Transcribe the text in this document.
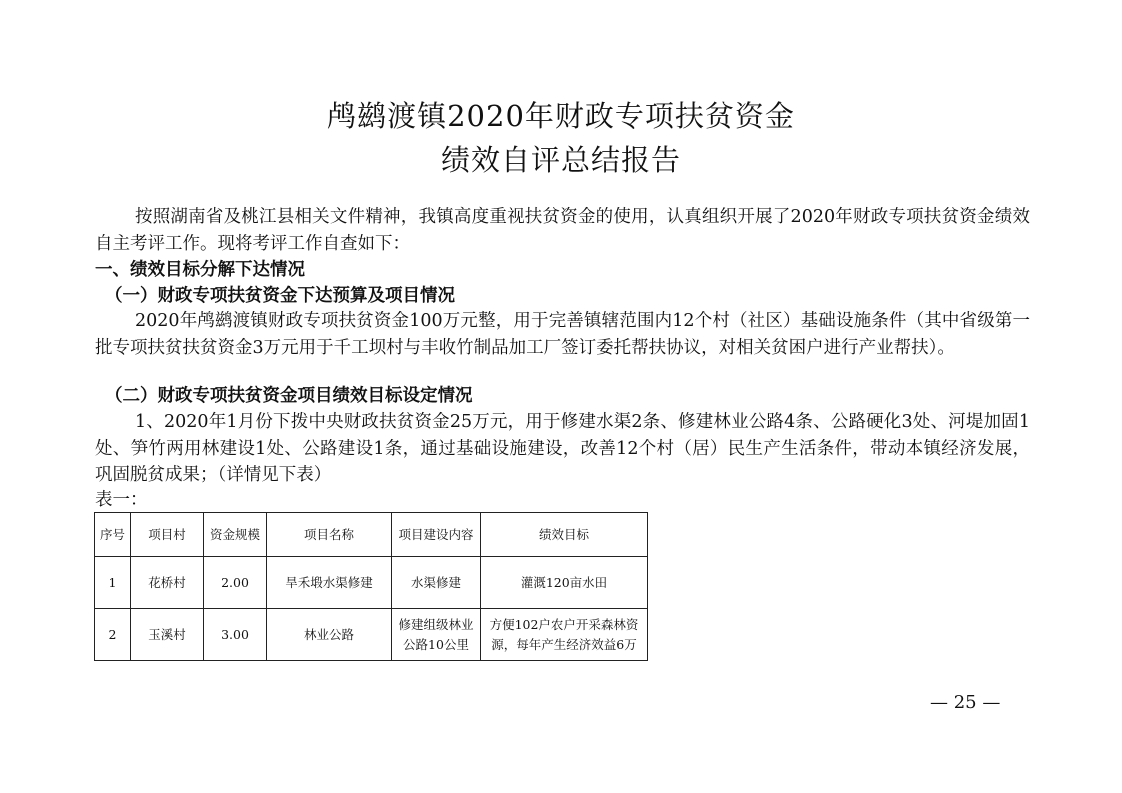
鸬鹚渡镇2020年财政专项扶贫资金
绩效自评总结报告
按照湖南省及桃江县相关文件精神，我镇高度重视扶贫资金的使用，认真组织开展了2020年财政专项扶贫资金绩效自主考评工作。现将考评工作自查如下：
一、绩效目标分解下达情况
（一）财政专项扶贫资金下达预算及项目情况
2020年鸬鹚渡镇财政专项扶贫资金100万元整，用于完善镇辖范围内12个村（社区）基础设施条件（其中省级第一批专项扶贫扶贫资金3万元用于千工坝村与丰收竹制品加工厂签订委托帮扶协议，对相关贫困户进行产业帮扶）。
（二）财政专项扶贫资金项目绩效目标设定情况
1、2020年1月份下拨中央财政扶贫资金25万元，用于修建水渠2条、修建林业公路4条、公路硬化3处、河堤加固1处、笋竹两用林建设1处、公路建设1条，通过基础设施建设，改善12个村（居）民生产生活条件，带动本镇经济发展，巩固脱贫成果；（详情见下表）
表一：
序号	项目村	资金规模	项目名称	项目建设内容	绩效目标
1	花桥村	2.00	旱禾塅水渠修建	水渠修建	灌溉120亩水田
2	玉溪村	3.00	林业公路	修建组级林业公路10公里	方便102户农户开采森林资源，每年产生经济效益6万
— 25 —
